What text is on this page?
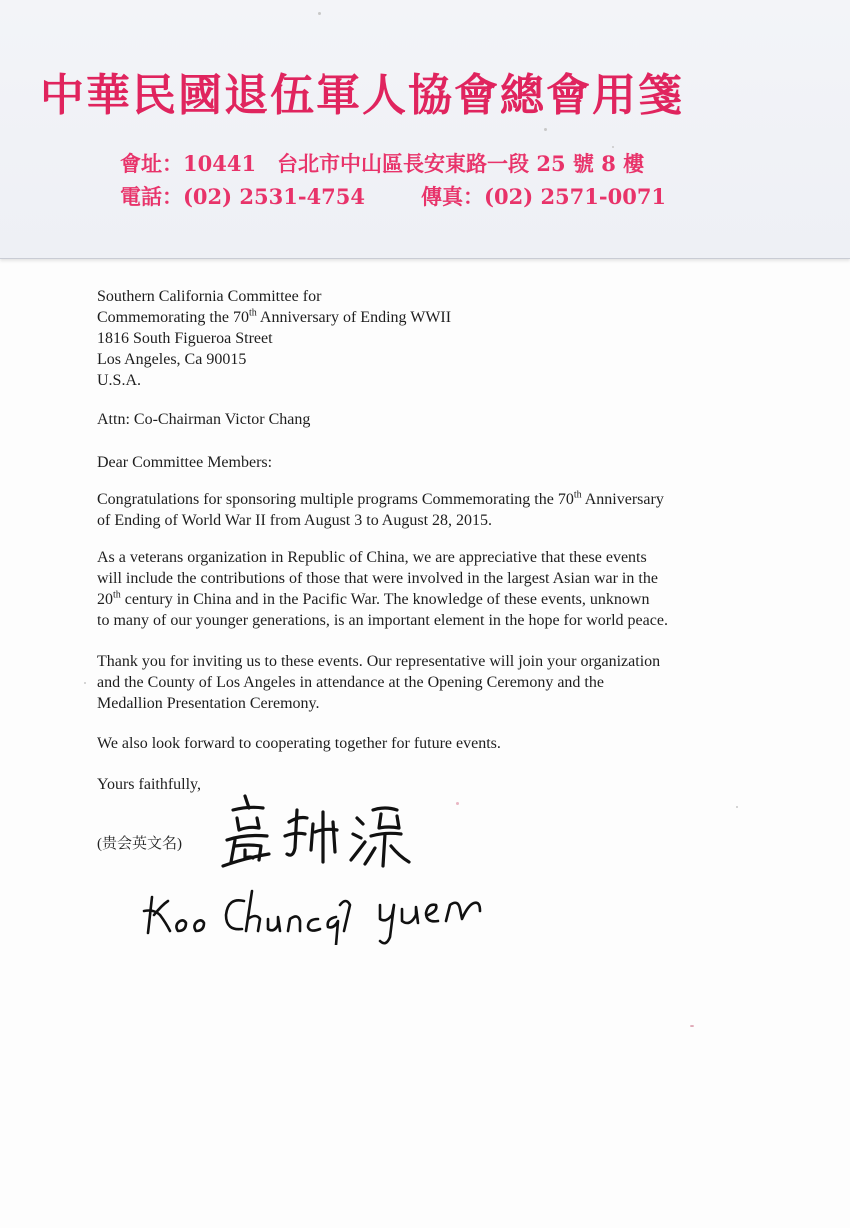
中華民國退伍軍人協會總會用箋
會址：10441　台北市中山區長安東路一段 25 號 8 樓
電話：(02) 2531-4754	傳真：(02) 2571-0071

Southern California Committee for

Commemorating the 70th Anniversary of Ending WWII

1816 South Figueroa Street

Los Angeles, Ca 90015

U.S.A.

Attn: Co-Chairman Victor Chang
Dear Committee Members:

Congratulations for sponsoring multiple programs Commemorating the 70th Anniversary

of Ending of World War II from August 3 to August 28, 2015.

As a veterans organization in Republic of China, we are appreciative that these events

will include the contributions of those that were involved in the largest Asian war in the

20th century in China and in the Pacific War. The knowledge of these events, unknown

to many of our younger generations, is an important element in the hope for world peace.

Thank you for inviting us to these events. Our representative will join your organization

and the County of Los Angeles in attendance at the Opening Ceremony and the

Medallion Presentation Ceremony.

We also look forward to cooperating together for future events.
Yours faithfully,
(贵会英文名)
